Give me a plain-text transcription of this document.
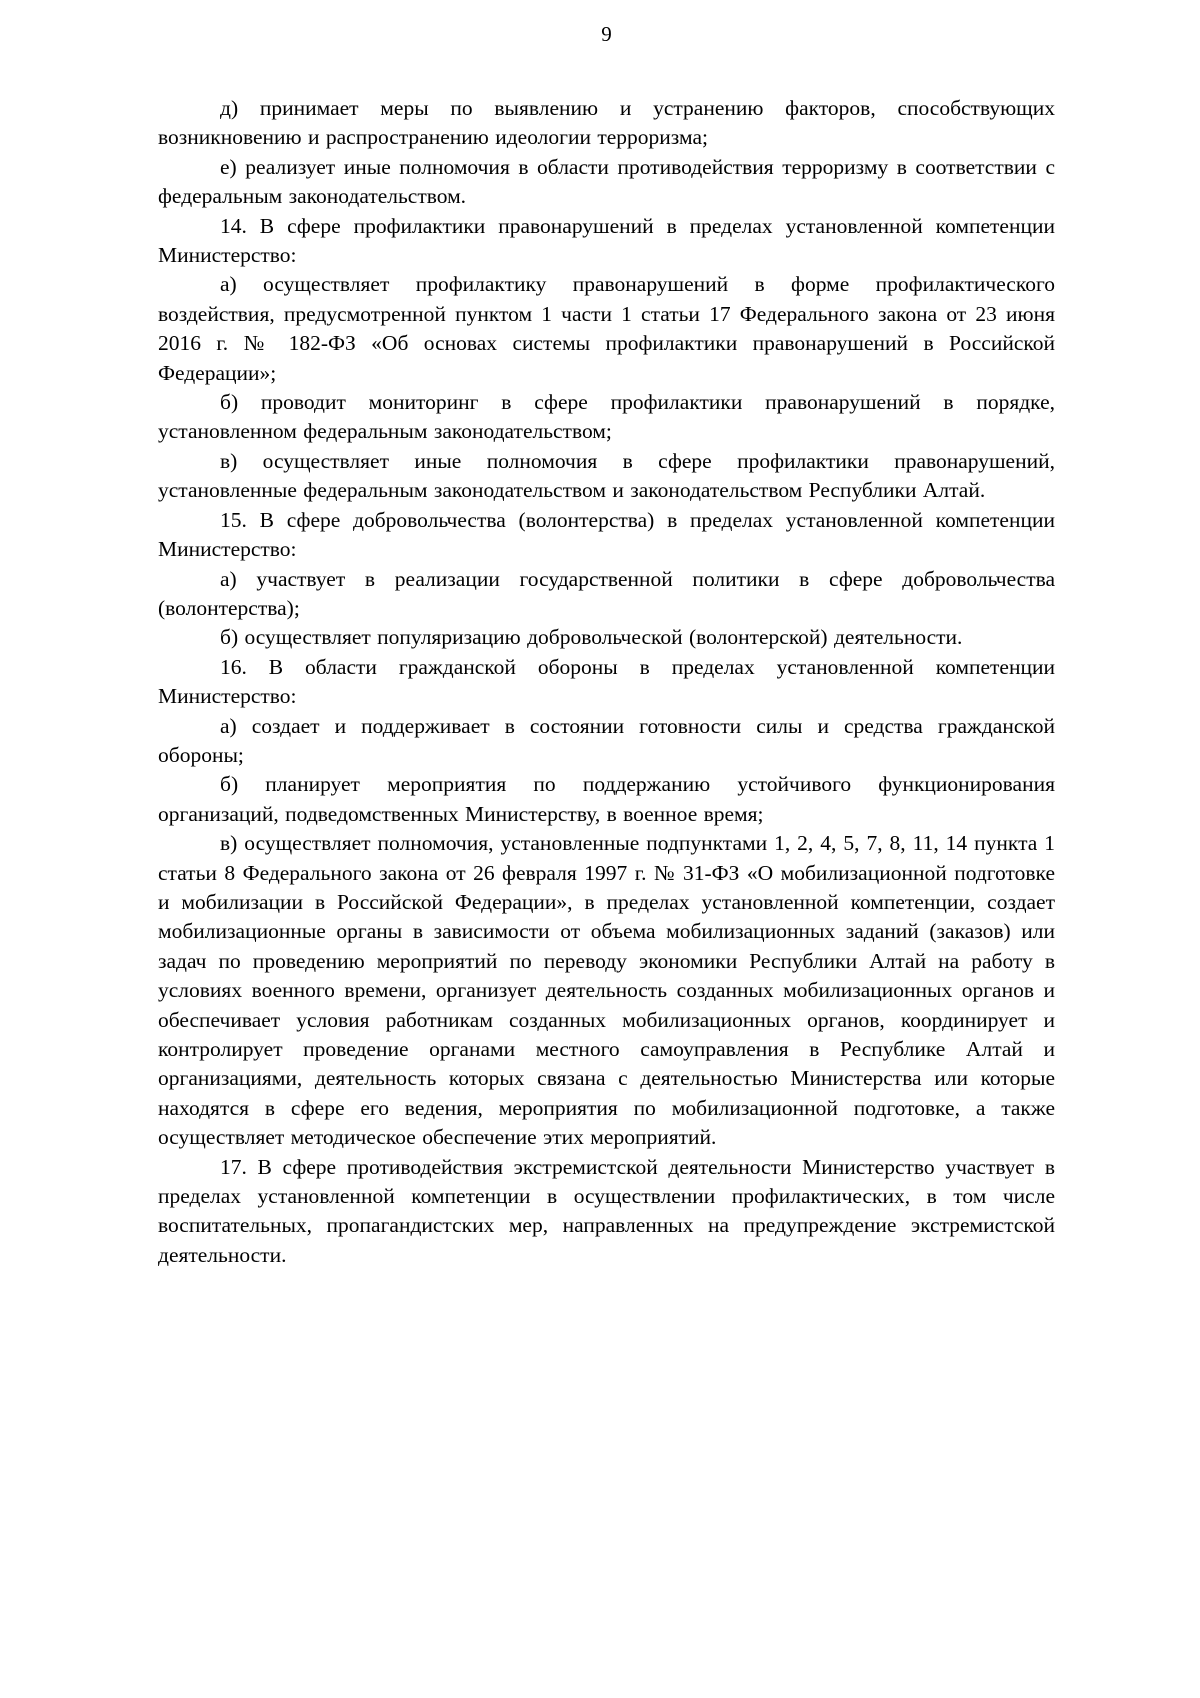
9

д) принимает меры по выявлению и устранению факторов, способствующих возникновению и распространению идеологии терроризма;

е) реализует иные полномочия в области противодействия терроризму в соответствии с федеральным законодательством.

14. В сфере профилактики правонарушений в пределах установленной компетенции Министерство:

а) осуществляет профилактику правонарушений в форме профилактического воздействия, предусмотренной пунктом 1 части 1 статьи 17 Федерального закона от 23 июня 2016 г. № 182-ФЗ «Об основах системы профилактики правонарушений в Российской Федерации»;

б) проводит мониторинг в сфере профилактики правонарушений в порядке, установленном федеральным законодательством;

в) осуществляет иные полномочия в сфере профилактики правонарушений, установленные федеральным законодательством и законодательством Республики Алтай.

15. В сфере добровольчества (волонтерства) в пределах установленной компетенции Министерство:

а) участвует в реализации государственной политики в сфере добровольчества (волонтерства);

б) осуществляет популяризацию добровольческой (волонтерской) деятельности.

16. В области гражданской обороны в пределах установленной компетенции Министерство:

а) создает и поддерживает в состоянии готовности силы и средства гражданской обороны;

б) планирует мероприятия по поддержанию устойчивого функционирования организаций, подведомственных Министерству, в военное время;

в) осуществляет полномочия, установленные подпунктами 1, 2, 4, 5, 7, 8, 11, 14 пункта 1 статьи 8 Федерального закона от 26 февраля 1997 г. № 31-ФЗ «О мобилизационной подготовке и мобилизации в Российской Федерации», в пределах установленной компетенции, создает мобилизационные органы в зависимости от объема мобилизационных заданий (заказов) или задач по проведению мероприятий по переводу экономики Республики Алтай на работу в условиях военного времени, организует деятельность созданных мобилизационных органов и обеспечивает условия работникам созданных мобилизационных органов, координирует и контролирует проведение органами местного самоуправления в Республике Алтай и организациями, деятельность которых связана с деятельностью Министерства или которые находятся в сфере его ведения, мероприятия по мобилизационной подготовке, а также осуществляет методическое обеспечение этих мероприятий.

17. В сфере противодействия экстремистской деятельности Министерство участвует в пределах установленной компетенции в осуществлении профилактических, в том числе воспитательных, пропагандистских мер, направленных на предупреждение экстремистской деятельности.
